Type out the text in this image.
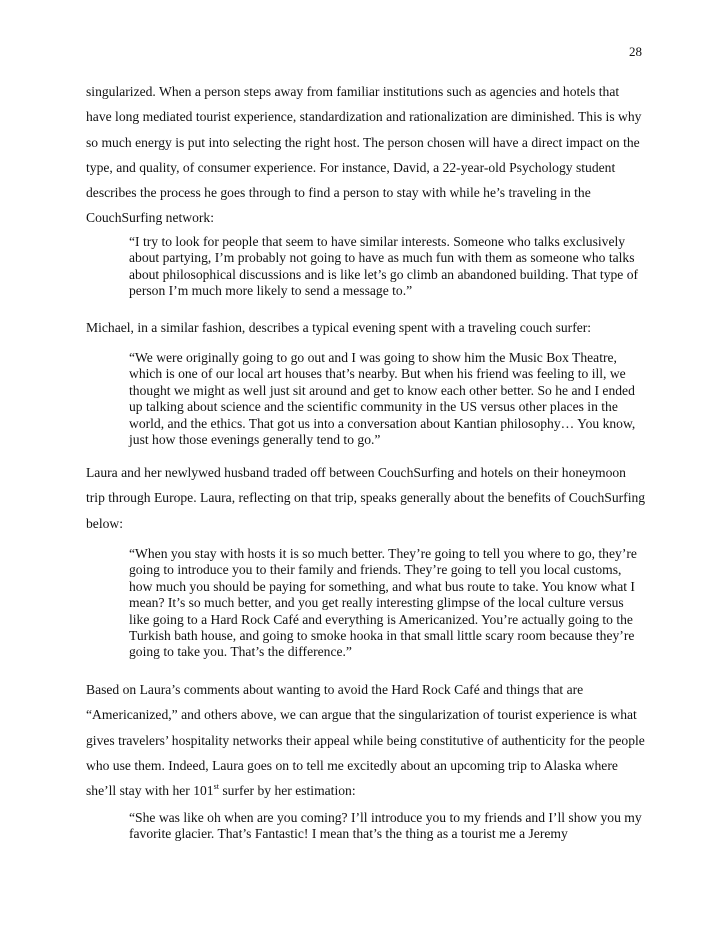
28

singularized. When a person steps away from familiar institutions such as agencies and hotels that have long mediated tourist experience, standardization and rationalization are diminished. This is why so much energy is put into selecting the right host. The person chosen will have a direct impact on the type, and quality, of consumer experience. For instance, David, a 22-year-old Psychology student describes the process he goes through to find a person to stay with while he’s traveling in the CouchSurfing network:

“I try to look for people that seem to have similar interests. Someone who talks exclusively about partying, I’m probably not going to have as much fun with them as someone who talks about philosophical discussions and is like let’s go climb an abandoned building. That type of person I’m much more likely to send a message to.”

Michael, in a similar fashion, describes a typical evening spent with a traveling couch surfer:

“We were originally going to go out and I was going to show him the Music Box Theatre, which is one of our local art houses that’s nearby. But when his friend was feeling to ill, we thought we might as well just sit around and get to know each other better. So he and I ended up talking about science and the scientific community in the US versus other places in the world, and the ethics. That got us into a conversation about Kantian philosophy… You know, just how those evenings generally tend to go.”

Laura and her newlywed husband traded off between CouchSurfing and hotels on their honeymoon trip through Europe. Laura, reflecting on that trip, speaks generally about the benefits of CouchSurfing below:

“When you stay with hosts it is so much better. They’re going to tell you where to go, they’re going to introduce you to their family and friends. They’re going to tell you local customs, how much you should be paying for something, and what bus route to take. You know what I mean? It’s so much better, and you get really interesting glimpse of the local culture versus like going to a Hard Rock Café and everything is Americanized. You’re actually going to the Turkish bath house, and going to smoke hooka in that small little scary room because they’re going to take you. That’s the difference.”

Based on Laura’s comments about wanting to avoid the Hard Rock Café and things that are “Americanized,” and others above, we can argue that the singularization of tourist experience is what gives travelers’ hospitality networks their appeal while being constitutive of authenticity for the people who use them. Indeed, Laura goes on to tell me excitedly about an upcoming trip to Alaska where she’ll stay with her 101st surfer by her estimation:

“She was like oh when are you coming? I’ll introduce you to my friends and I’ll show you my favorite glacier. That’s Fantastic! I mean that’s the thing as a tourist me a Jeremy
